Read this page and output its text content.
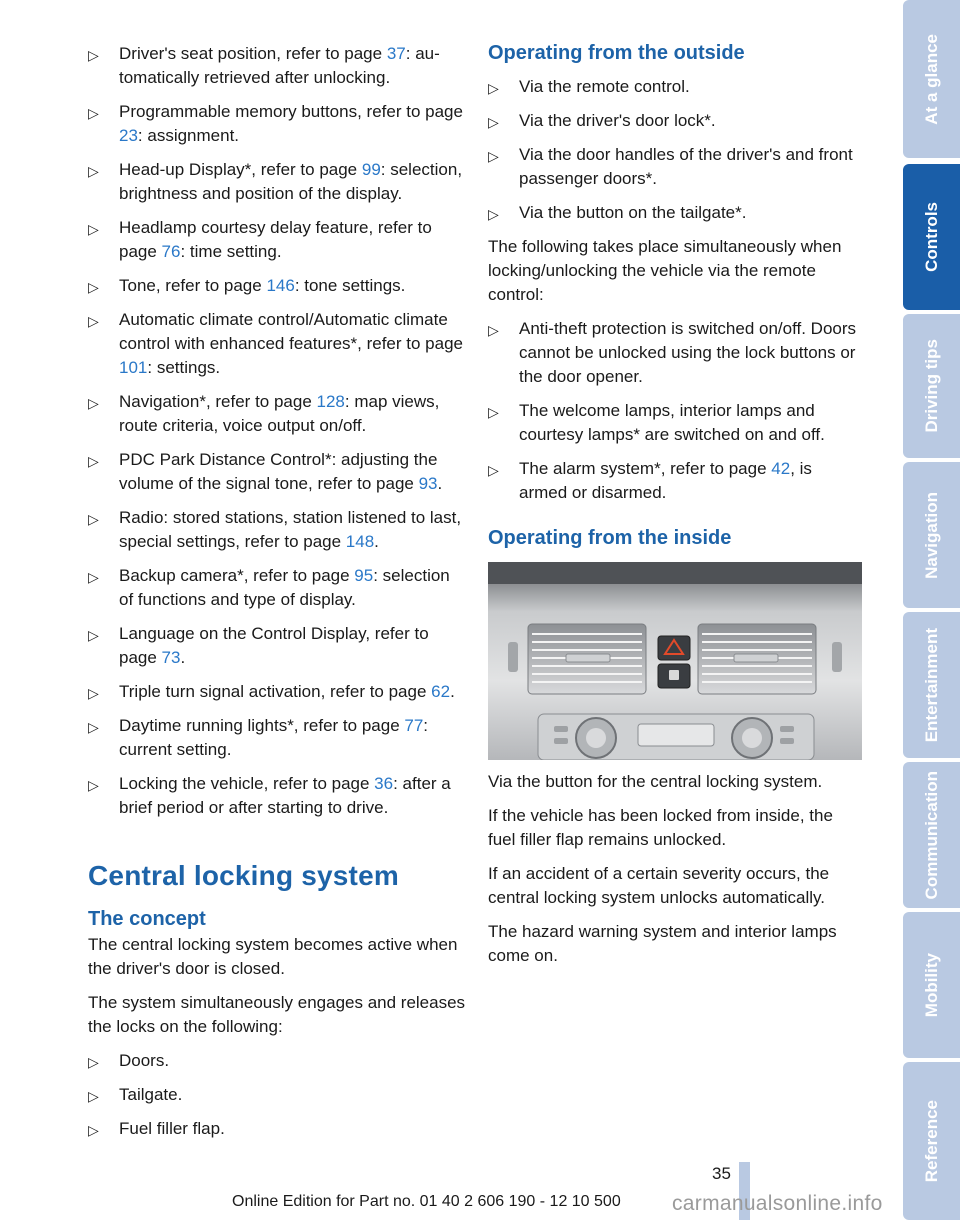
▷ Driver's seat position, refer to page 37: automatically retrieved after unlocking.
▷ Programmable memory buttons, refer to page 23: assignment.
▷ Head-up Display*, refer to page 99: selection, brightness and position of the display.
▷ Headlamp courtesy delay feature, refer to page 76: time setting.
▷ Tone, refer to page 146: tone settings.
▷ Automatic climate control/Automatic climate control with enhanced features*, refer to page 101: settings.
▷ Navigation*, refer to page 128: map views, route criteria, voice output on/off.
▷ PDC Park Distance Control*: adjusting the volume of the signal tone, refer to page 93.
▷ Radio: stored stations, station listened to last, special settings, refer to page 148.
▷ Backup camera*, refer to page 95: selection of functions and type of display.
▷ Language on the Control Display, refer to page 73.
▷ Triple turn signal activation, refer to page 62.
▷ Daytime running lights*, refer to page 77: current setting.
▷ Locking the vehicle, refer to page 36: after a brief period or after starting to drive.
Central locking system
The concept

The central locking system becomes active when the driver's door is closed.

The system simultaneously engages and releases the locks on the following:

▷ Doors.
▷ Tailgate.
▷ Fuel filler flap.
Operating from the outside
▷ Via the remote control.
▷ Via the driver's door lock*.
▷ Via the door handles of the driver's and front passenger doors*.
▷ Via the button on the tailgate*.

The following takes place simultaneously when locking/unlocking the vehicle via the remote control:

▷ Anti-theft protection is switched on/off. Doors cannot be unlocked using the lock buttons or the door opener.
▷ The welcome lamps, interior lamps and courtesy lamps* are switched on and off.
▷ The alarm system*, refer to page 42, is armed or disarmed.
Operating from the inside

Via the button for the central locking system.

If the vehicle has been locked from inside, the fuel filler flap remains unlocked.

If an accident of a certain severity occurs, the central locking system unlocks automatically.

The hazard warning system and interior lamps come on.

At a glance
Controls
Driving tips
Navigation
Entertainment
Communication
Mobility
Reference
35
Online Edition for Part no. 01 40 2 606 190 - 12 10 500 carmanualsonline.info
